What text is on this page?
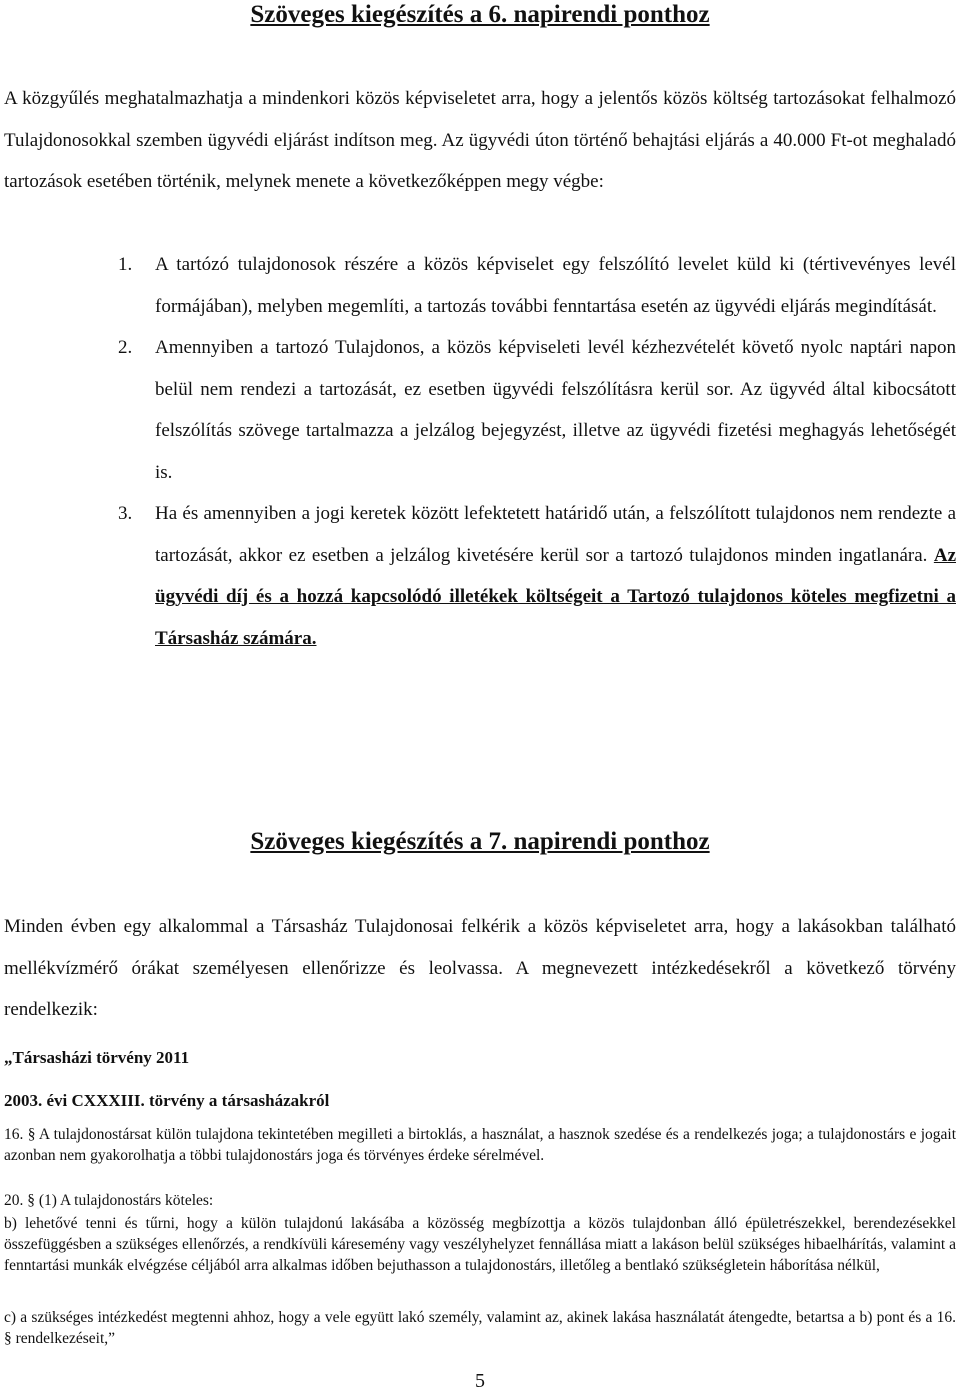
Szöveges kiegészítés a 6. napirendi ponthoz

A közgyűlés meghatalmazhatja a mindenkori közös képviseletet arra, hogy a jelentős közös költség tartozásokat felhalmozó Tulajdonosokkal szemben ügyvédi eljárást indítson meg. Az ügyvédi úton történő behajtási eljárás a 40.000 Ft-ot meghaladó tartozások esetében történik, melynek menete a következőképpen megy végbe:

1. A tartózó tulajdonosok részére a közös képviselet egy felszólító levelet küld ki (tértivevényes levél formájában), melyben megemlíti, a tartozás további fenntartása esetén az ügyvédi eljárás megindítását.
2. Amennyiben a tartozó Tulajdonos, a közös képviseleti levél kézhezvételét követő nyolc naptári napon belül nem rendezi a tartozását, ez esetben ügyvédi felszólításra kerül sor. Az ügyvéd által kibocsátott felszólítás szövege tartalmazza a jelzálog bejegyzést, illetve az ügyvédi fizetési meghagyás lehetőségét is.
3. Ha és amennyiben a jogi keretek között lefektetett határidő után, a felszólított tulajdonos nem rendezte a tartozását, akkor ez esetben a jelzálog kivetésére kerül sor a tartozó tulajdonos minden ingatlanára. Az ügyvédi díj és a hozzá kapcsolódó illetékek költségeit a Tartozó tulajdonos köteles megfizetni a Társasház számára.
Szöveges kiegészítés a 7. napirendi ponthoz

Minden évben egy alkalommal a Társasház Tulajdonosai felkérik a közös képviseletet arra, hogy a lakásokban található mellékvízmérő órákat személyesen ellenőrizze és leolvassa. A megnevezett intézkedésekről a következő törvény rendelkezik:

„Társasházi törvény 2011

2003. évi CXXXIII. törvény a társasházakról

16. § A tulajdonostársat külön tulajdona tekintetében megilleti a birtoklás, a használat, a hasznok szedése és a rendelkezés joga; a tulajdonostárs e jogait azonban nem gyakorolhatja a többi tulajdonostárs joga és törvényes érdeke sérelmével.

20. § (1) A tulajdonostárs köteles:

b) lehetővé tenni és tűrni, hogy a külön tulajdonú lakásába a közösség megbízottja a közös tulajdonban álló épületrészekkel, berendezésekkel összefüggésben a szükséges ellenőrzés, a rendkívüli káresemény vagy veszélyhelyzet fennállása miatt a lakáson belül szükséges hibaelhárítás, valamint a fenntartási munkák elvégzése céljából arra alkalmas időben bejuthasson a tulajdonostárs, illetőleg a bentlakó szükségletein háborítása nélkül,

c) a szükséges intézkedést megtenni ahhoz, hogy a vele együtt lakó személy, valamint az, akinek lakása használatát átengedte, betartsa a b) pont és a 16. § rendelkezéseit,”

5
